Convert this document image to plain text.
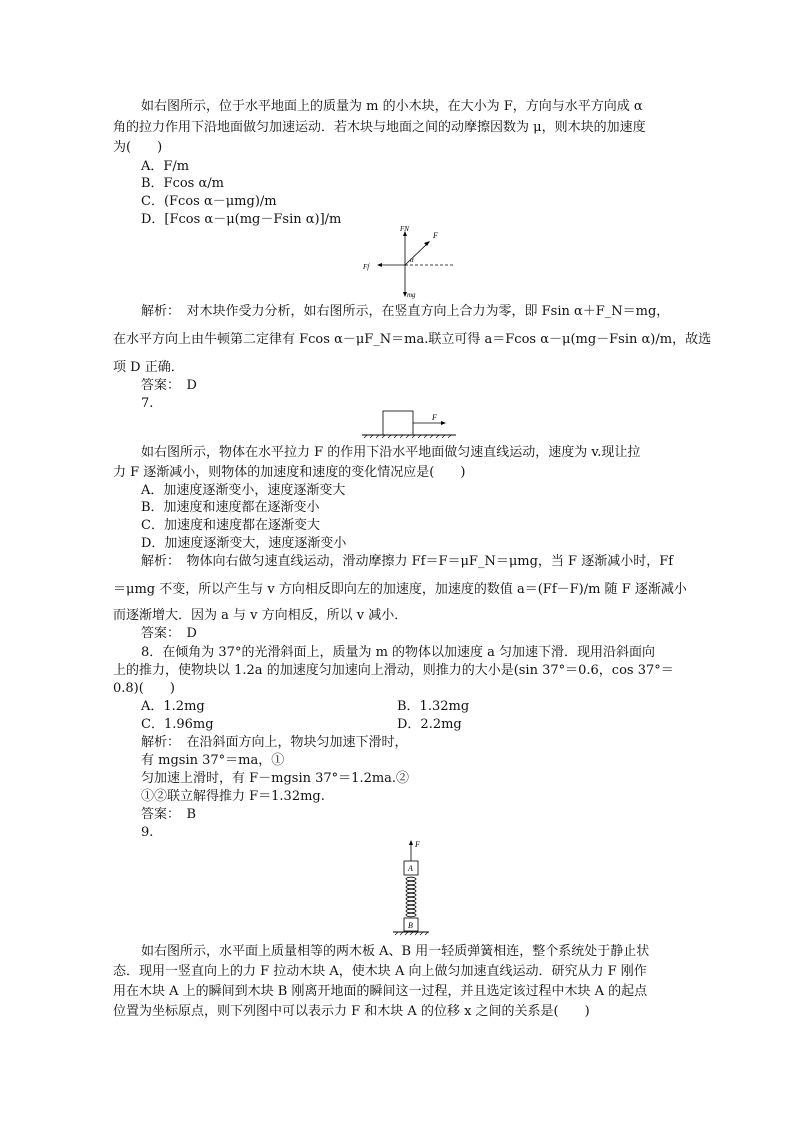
如右图所示，位于水平地面上的质量为 m 的小木块，在大小为 F，方向与水平方向成 α
角的拉力作用下沿地面做匀加速运动．若木块与地面之间的动摩擦因数为 μ，则木块的加速度
为(　　)
A．F/m
B．Fcos α/m
C．(Fcos α－μmg)/m
D．[Fcos α－μ(mg－Fsin α)]/m
FN
F
Ff
α
mg
解析：　对木块作受力分析，如右图所示，在竖直方向上合力为零，即 Fsin α＋F_N＝mg，
在水平方向上由牛顿第二定律有 Fcos α－μF_N＝ma.联立可得 a＝Fcos α－μ(mg－Fsin α)/m，故选
项 D 正确．
答案：　D
7.
F
如右图所示，物体在水平拉力 F 的作用下沿水平地面做匀速直线运动，速度为 v.现让拉
力 F 逐渐减小，则物体的加速度和速度的变化情况应是(　　)
A．加速度逐渐变小，速度逐渐变大
B．加速度和速度都在逐渐变小
C．加速度和速度都在逐渐变大
D．加速度逐渐变大，速度逐渐变小
解析：　物体向右做匀速直线运动，滑动摩擦力 Ff＝F＝μF_N＝μmg，当 F 逐渐减小时，Ff
＝μmg 不变，所以产生与 v 方向相反即向左的加速度，加速度的数值 a＝(Ff－F)/m 随 F 逐渐减小
而逐渐增大．因为 a 与 v 方向相反，所以 v 减小．
答案：　D
8．在倾角为 37°的光滑斜面上，质量为 m 的物体以加速度 a 匀加速下滑．现用沿斜面向
上的推力，使物块以 1.2a 的加速度匀加速向上滑动，则推力的大小是(sin 37°＝0.6，cos 37°＝
0.8)(　　)
A．1.2mg	B．1.32mg
C．1.96mg	D．2.2mg
解析：　在沿斜面方向上，物块匀加速下滑时，
有 mgsin 37°＝ma，①
匀加速上滑时，有 F－mgsin 37°＝1.2ma.②
①②联立解得推力 F＝1.32mg.
答案：　B
9.
F
A
B
如右图所示，水平面上质量相等的两木板 A、B 用一轻质弹簧相连，整个系统处于静止状
态．现用一竖直向上的力 F 拉动木块 A，使木块 A 向上做匀加速直线运动．研究从力 F 刚作
用在木块 A 上的瞬间到木块 B 刚离开地面的瞬间这一过程，并且选定该过程中木块 A 的起点
位置为坐标原点，则下列图中可以表示力 F 和木块 A 的位移 x 之间的关系是(　　)
